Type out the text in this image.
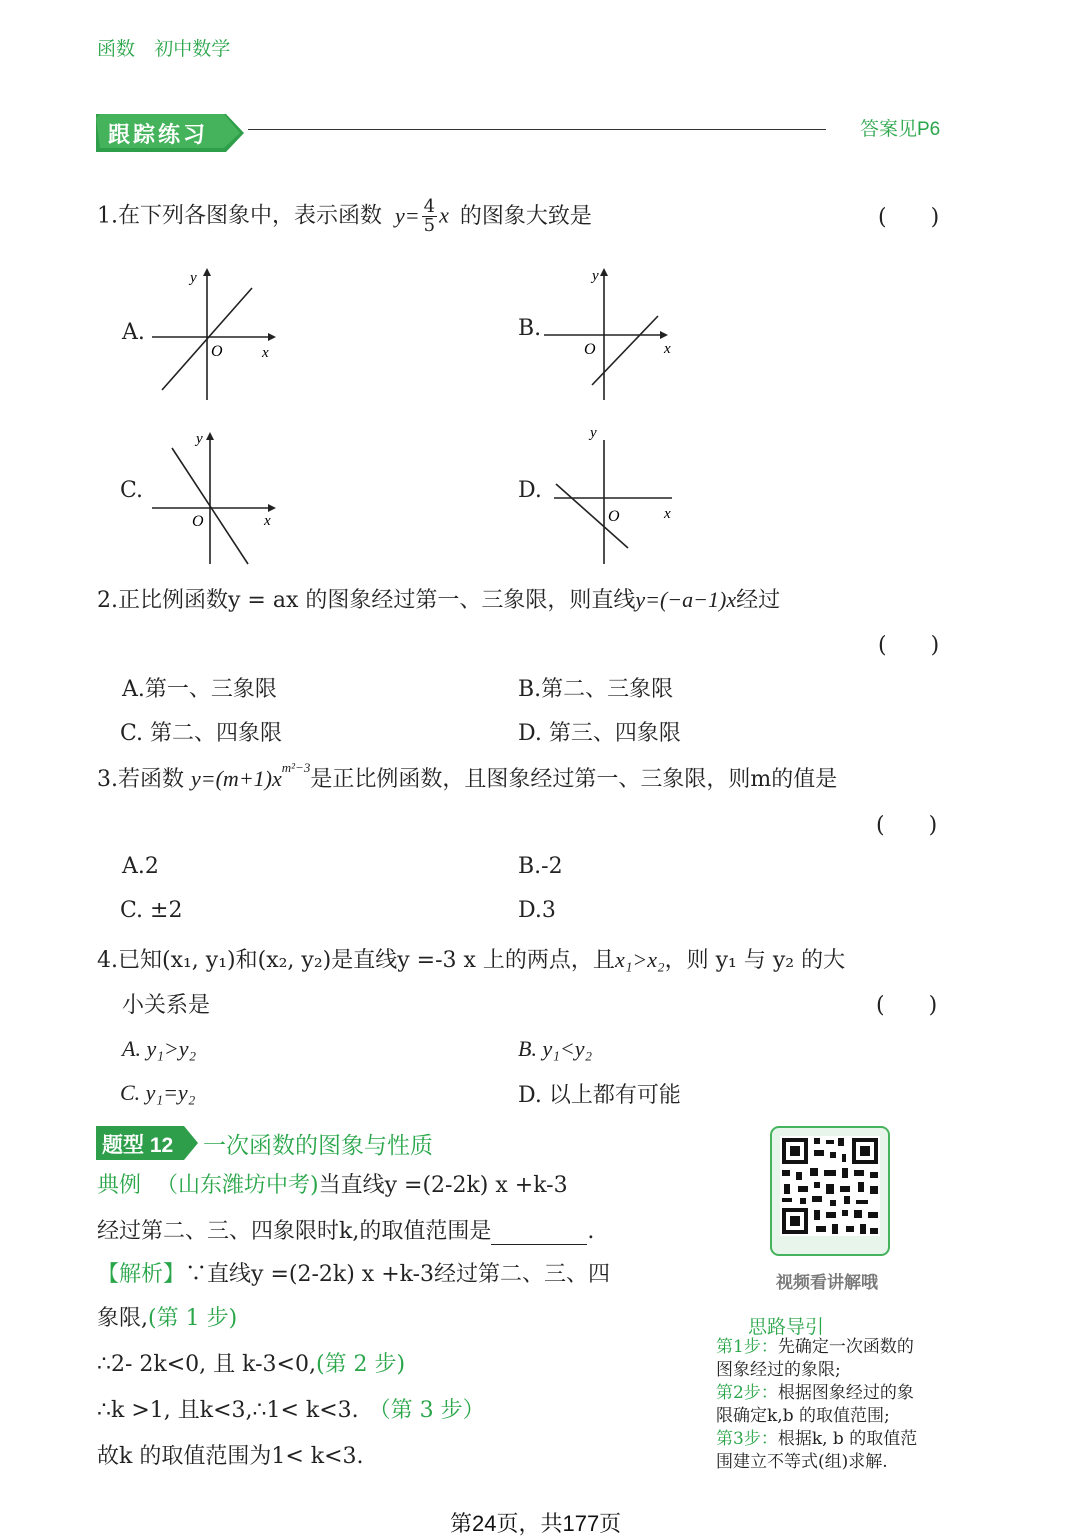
函数 初中数学
跟踪练习	答案见P6
1.在下列各图象中，表示函数 $y= \frac{4}{5}$ x 的图象大致是	(　　)
A.
y
x
O
B.
y
x
O
C.
y
x
O
D.
y
x
O
2.正比例函数y = ax 的图象经过第一、三象限，则直线y=(−a−1)x经过
(　　)
A.第一、三象限	B.第二、三象限
C. 第二、四象限	D. 第三、四象限
3.若函数 $y=(m+1)x^{m^2-3}$是正比例函数，且图象经过第一、三象限，则m的值是
(　　)
A.2	B.-2
C. ±2	D.3
4.已知(x₁, y₁)和(x₂, y₂)是直线y =-3 x 上的两点，且x₁>x₂，则 y₁ 与 y₂ 的大
小关系是	(　　)
A. y₁>y₂	B. y₁<y₂
C. y₁=y₂	D. 以上都有可能
题型 12 一次函数的图象与性质
典例 （山东潍坊中考)当直线y =(2-2k) x +k-3
经过第二、三、四象限时k,的取值范围是	.
【解析】∵直线y =(2-2k) x +k-3经过第二、三、四
象限,(第 1 步)
∴2- 2k<0, 且 k-3<0,(第 2 步)
∴k >1, 且k<3,∴1< k<3. （第 3 步）
故k 的取值范围为1< k<3.
视频看讲解哦
思路导引
第1步：先确定一次函数的
图象经过的象限;
第2步：根据图象经过的象
限确定k,b 的取值范围;
第3步：根据k, b 的取值范
围建立不等式(组)求解.
第24页，共177页
